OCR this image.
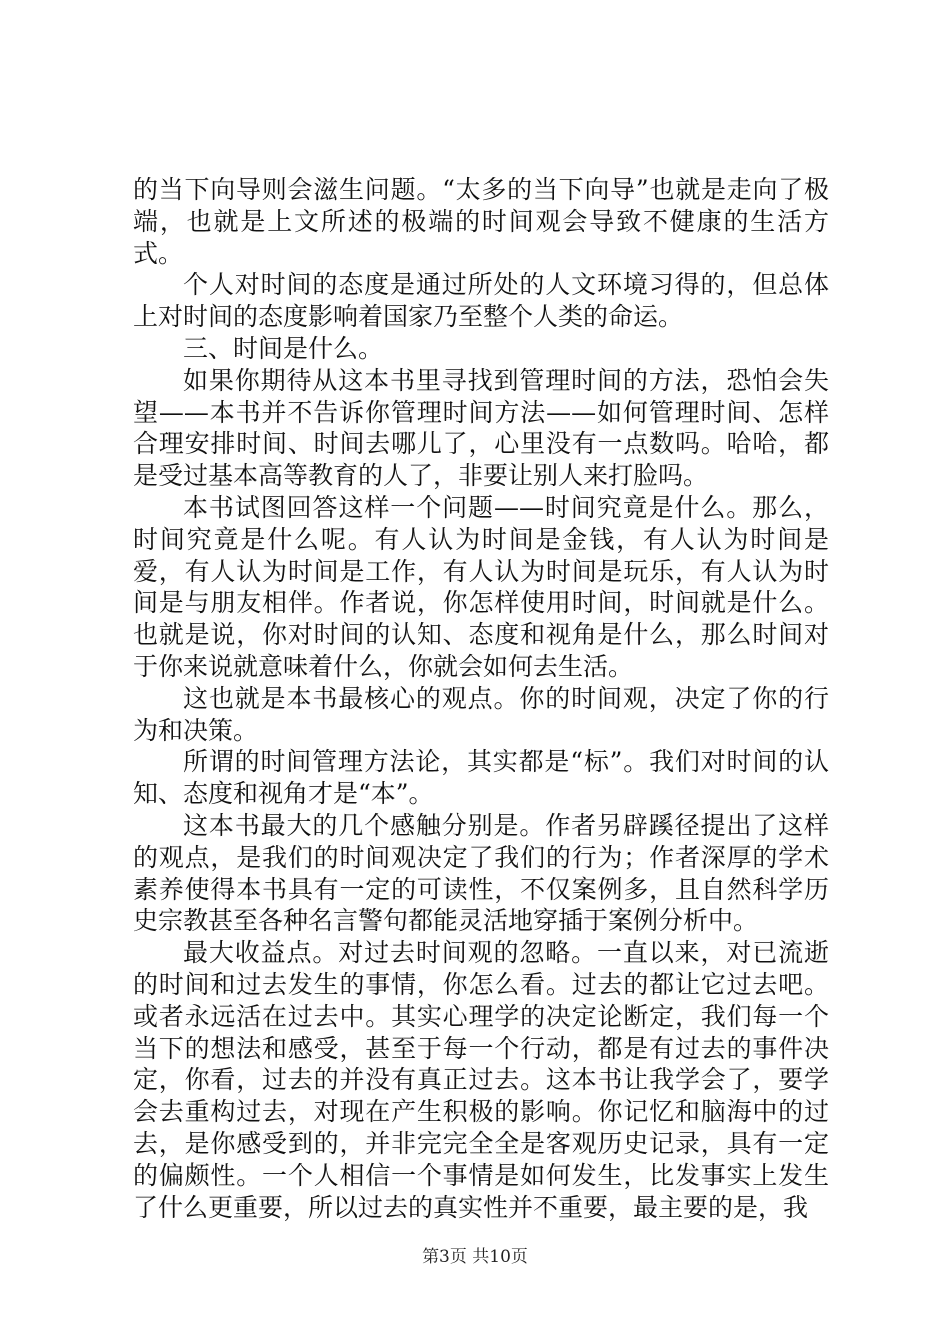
的当下向导则会滋生问题。“太多的当下向导”也就是走向了极端，也就是上文所述的极端的时间观会导致不健康的生活方式。

个人对时间的态度是通过所处的人文环境习得的，但总体上对时间的态度影响着国家乃至整个人类的命运。

三、时间是什么。

如果你期待从这本书里寻找到管理时间的方法，恐怕会失望——本书并不告诉你管理时间方法——如何管理时间、怎样合理安排时间、时间去哪儿了，心里没有一点数吗。哈哈，都是受过基本高等教育的人了，非要让别人来打脸吗。

本书试图回答这样一个问题——时间究竟是什么。那么，时间究竟是什么呢。有人认为时间是金钱，有人认为时间是爱，有人认为时间是工作，有人认为时间是玩乐，有人认为时间是与朋友相伴。作者说，你怎样使用时间，时间就是什么。也就是说，你对时间的认知、态度和视角是什么，那么时间对于你来说就意味着什么，你就会如何去生活。

这也就是本书最核心的观点。你的时间观，决定了你的行为和决策。

所谓的时间管理方法论，其实都是“标”。我们对时间的认知、态度和视角才是“本”。

这本书最大的几个感触分别是。作者另辟蹊径提出了这样的观点，是我们的时间观决定了我们的行为；作者深厚的学术素养使得本书具有一定的可读性，不仅案例多，且自然科学历史宗教甚至各种名言警句都能灵活地穿插于案例分析中。

最大收益点。对过去时间观的忽略。一直以来，对已流逝的时间和过去发生的事情，你怎么看。过去的都让它过去吧。或者永远活在过去中。其实心理学的决定论断定，我们每一个当下的想法和感受，甚至于每一个行动，都是有过去的事件决定，你看，过去的并没有真正过去。这本书让我学会了，要学会去重构过去，对现在产生积极的影响。你记忆和脑海中的过去，是你感受到的，并非完完全全是客观历史记录，具有一定的偏颇性。一个人相信一个事情是如何发生，比发事实上发生了什么更重要，所以过去的真实性并不重要，最主要的是，我

第3页 共10页
